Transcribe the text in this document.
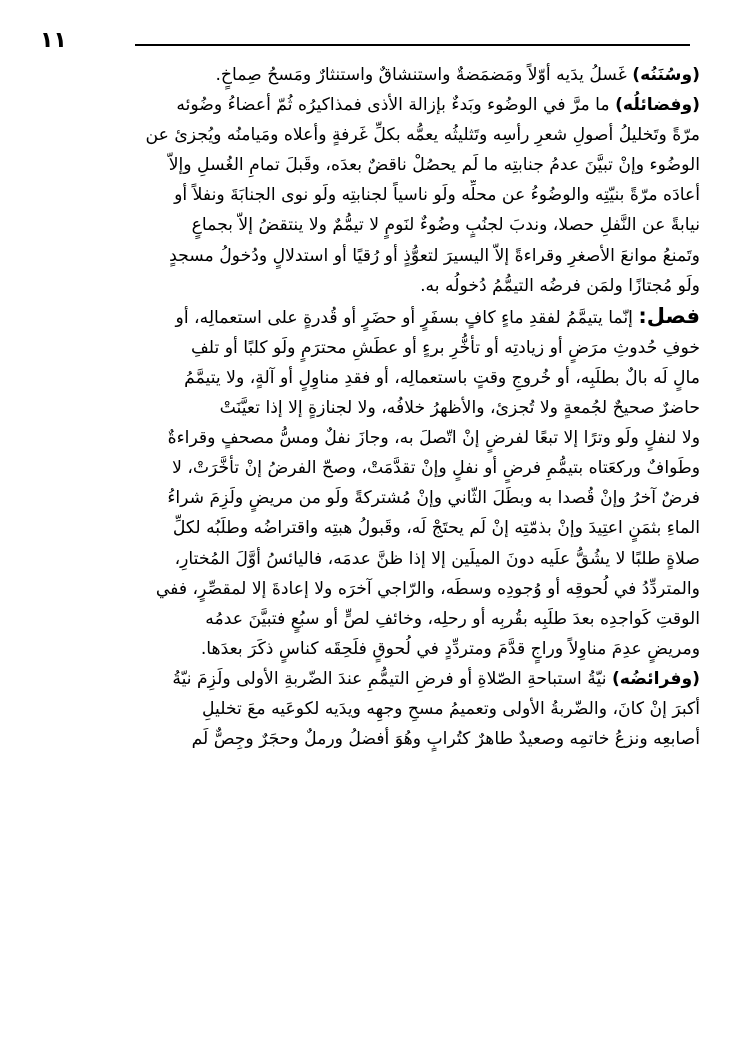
١١
(وسُنَنُه) غَسلُ يدَيه أوّلاً ومَضمَضةٌ واستنشاقٌ واستنثارٌ ومَسحُ صِماخٍ.
(وفضائلُه) ما مرَّ في الوضُوء وبَدءٌ بإزالة الأذى فمذاكيرُه ثُمّ أعضاءُ وضُوئه
مرّةً وتَخليلُ أصولِ شعرِ رأسِه وتَثليثُه يعمُّه بكلِّ غَرفةٍ وأعلاه ومَيامنُه ويُجزئ عن
الوضُوء وإنْ تبيَّنَ عدمُ جنابتِه ما لَم يحصُلْ ناقضٌ بعدَه، وقَبلَ تمامِ الغُسلِ وإلاّ
أعادَه مرّةً بنيّتِه والوضُوءُ عن محلِّه ولَو ناسياً لجنابتِه ولَو نوى الجنابَةَ ونفلاً أو
نيابةً عن النَّفلِ حصلا، وندبَ لجنُبٍ وضُوءٌ لنَومٍ لا تيمُّمٌ ولا ينتقضُ إلاّ بجماعٍ
وتَمنعُ موانعَ الأصغرِ وقراءةً إلاّ اليسيرَ لتعوُّذٍ أو رُقيًا أو استدلالٍ ودُخولُ مسجدٍ
ولَو مُجتازًا ولمَن فرضُه التيمُّمُ دُخولُه به.
فصل: إنّما يتيمَّمُ لفقدِ ماءٍ كافٍ بسفَرٍ أو حضَرٍ أو قُدرةٍ على استعمالِه، أو
خوفِ حُدوثِ مرَضٍ أو زيادتِه أو تأخُّرِ برءٍ أو عطَشِ محترَمٍ ولَو كلبًا أو تلفِ
مالٍ لَه بالٌ بطلَبِه، أو خُروجِ وقتٍ باستعمالِه، أو فقدِ مناوِلٍ أو آلةٍ، ولا يتيمَّمُ
حاضرٌ صحيحٌ لجُمعةٍ ولا تُجزئ، والأظهرُ خلافُه، ولا لجنازةٍ إلا إذا تعيَّنَتْ
ولا لنفلٍ ولَو وترًا إلا تبعًا لفرضٍ إنْ اتّصلَ به، وجازَ نفلٌ ومسُّ مصحفٍ وقراءةٌ
وطَوافٌ وركعَتاه بتيمُّمِ فرضٍ أو نفلٍ وإنْ تقدَّمَتْ، وصحّ الفرضُ إنْ تأخَّرَتْ، لا
فرضٌ آخرُ وإنْ قُصدا به وبطَلَ الثّاني وإنْ مُشتركةً ولَو من مريضٍ ولَزِمَ شراءُ
الماءِ بثمَنٍ اعتِيدَ وإنْ بذمّتِه إنْ لَم يحتَجْ لَه، وقَبولُ هبتِه واقتراضُه وطلَبُه لكلِّ
صلاةٍ طلبًا لا يشُقُّ علَيه دونَ الميلَين إلا إذا ظنَّ عدمَه، فاليائسُ أوَّلَ المُختارِ،
والمتردِّدُ في لُحوقِه أو وُجودِه وسطَه، والرّاجي آخرَه ولا إعادةَ إلا لمقصِّرٍ، ففي
الوقتِ كَواجدِه بعدَ طلَبِه بقُربِه أو رحلِه، وخائفِ لصٍّ أو سبُعٍ فتبيَّنَ عدمُه
ومريضٍ عدِمَ مناوِلاً وراجٍ قدَّمَ ومتردِّدٍ في لُحوقٍ فلَحِقَه كناسٍ ذكَرَ بعدَها.
(وفرائضُه) نيّةُ استباحةِ الصّلاةِ أو فرضِ التيمُّمِ عندَ الضّربةِ الأولى ولَزِمَ نيّةُ
أكبرَ إنْ كانَ، والضّربةُ الأولى وتعميمُ مسحِ وجهِه ويدَيه لكوعَيه معَ تخليلِ
أصابعِه ونزعُ خاتمِه وصعيدٌ طاهرٌ كتُرابٍ وهُوَ أفضلُ ورملٌ وحجَرٌ وجِصٌّ لَم
